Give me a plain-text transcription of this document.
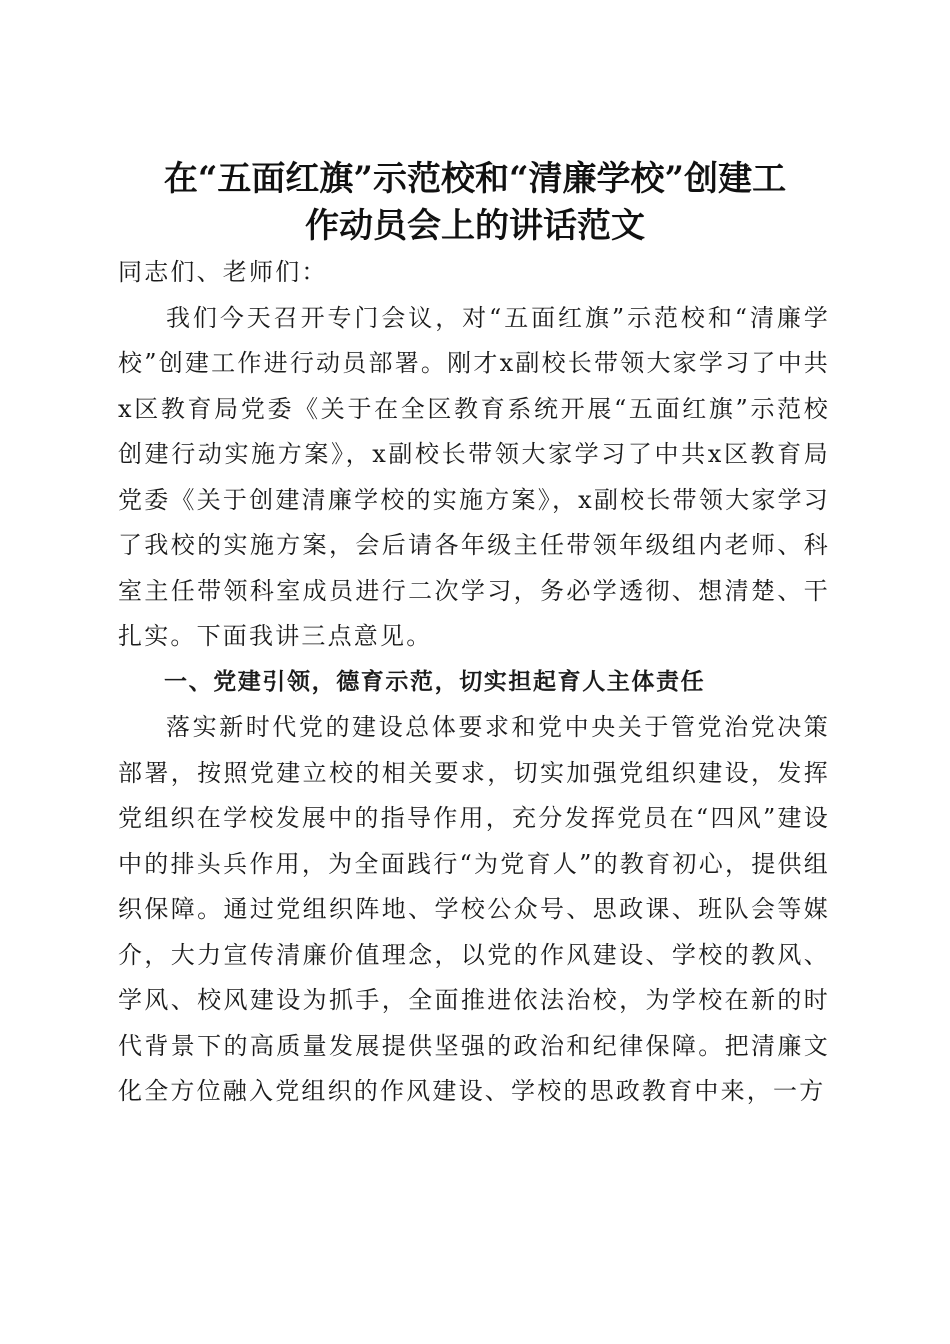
在“五面红旗”示范校和“清廉学校”创建工
作动员会上的讲话范文

同志们、老师们：

我们今天召开专门会议，对“五面红旗”示范校和“清廉学校”创建工作进行动员部署。刚才x副校长带领大家学习了中共x区教育局党委《关于在全区教育系统开展“五面红旗”示范校创建行动实施方案》，x副校长带领大家学习了中共x区教育局党委《关于创建清廉学校的实施方案》，x副校长带领大家学习了我校的实施方案，会后请各年级主任带领年级组内老师、科室主任带领科室成员进行二次学习，务必学透彻、想清楚、干扎实。下面我讲三点意见。

一、党建引领，德育示范，切实担起育人主体责任

落实新时代党的建设总体要求和党中央关于管党治党决策部署，按照党建立校的相关要求，切实加强党组织建设，发挥党组织在学校发展中的指导作用，充分发挥党员在“四风”建设中的排头兵作用，为全面践行“为党育人”的教育初心，提供组织保障。通过党组织阵地、学校公众号、思政课、班队会等媒介，大力宣传清廉价值理念，以党的作风建设、学校的教风、学风、校风建设为抓手，全面推进依法治校，为学校在新的时代背景下的高质量发展提供坚强的政治和纪律保障。把清廉文化全方位融入党组织的作风建设、学校的思政教育中来，一方
